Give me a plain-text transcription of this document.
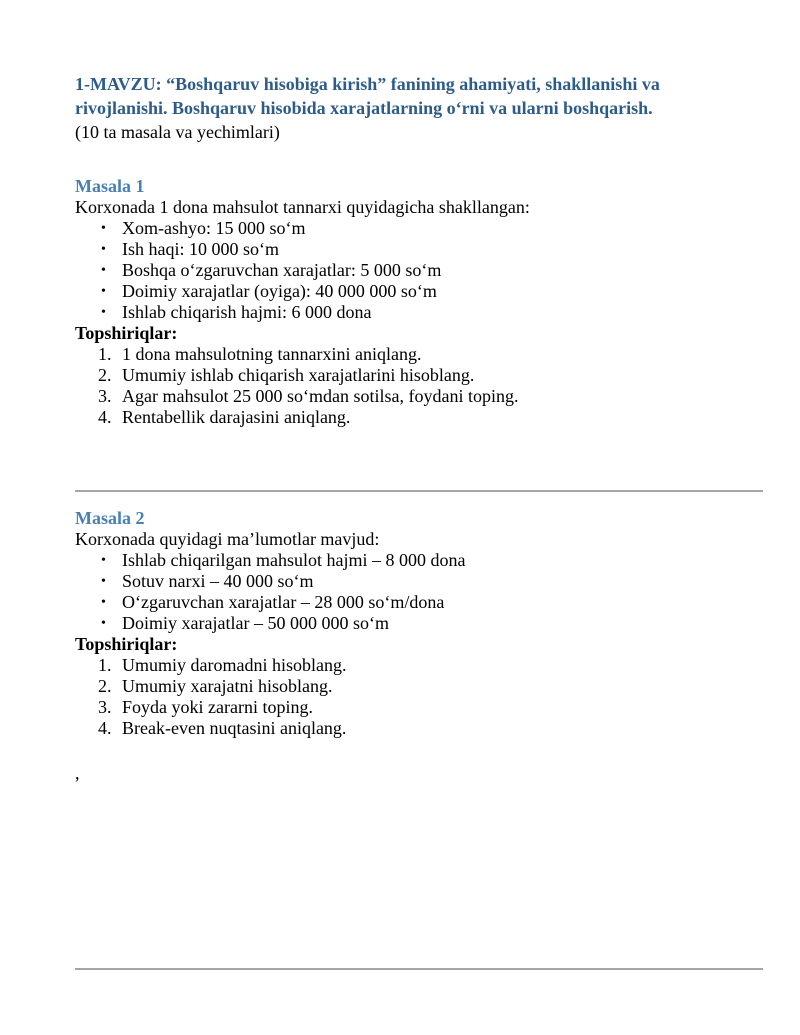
1-MAVZU: “Boshqaruv hisobiga kirish” fanining ahamiyati, shakllanishi va

rivojlanishi. Boshqaruv hisobida xarajatlarning o‘rni va ularni boshqarish.

(10 ta masala va yechimlari)

Masala 1

Korxonada 1 dona mahsulot tannarxi quyidagicha shakllangan:

• Xom-ashyo: 15 000 so‘m
• Ish haqi: 10 000 so‘m
• Boshqa o‘zgaruvchan xarajatlar: 5 000 so‘m
• Doimiy xarajatlar (oyiga): 40 000 000 so‘m
• Ishlab chiqarish hajmi: 6 000 dona

Topshiriqlar:

1. 1 dona mahsulotning tannarxini aniqlang.
2. Umumiy ishlab chiqarish xarajatlarini hisoblang.
3. Agar mahsulot 25 000 so‘mdan sotilsa, foydani toping.
4. Rentabellik darajasini aniqlang.

Masala 2

Korxonada quyidagi ma’lumotlar mavjud:

• Ishlab chiqarilgan mahsulot hajmi – 8 000 dona
• Sotuv narxi – 40 000 so‘m
• O‘zgaruvchan xarajatlar – 28 000 so‘m/dona
• Doimiy xarajatlar – 50 000 000 so‘m

Topshiriqlar:

1. Umumiy daromadni hisoblang.
2. Umumiy xarajatni hisoblang.
3. Foyda yoki zararni toping.
4. Break-even nuqtasini aniqlang.
,
